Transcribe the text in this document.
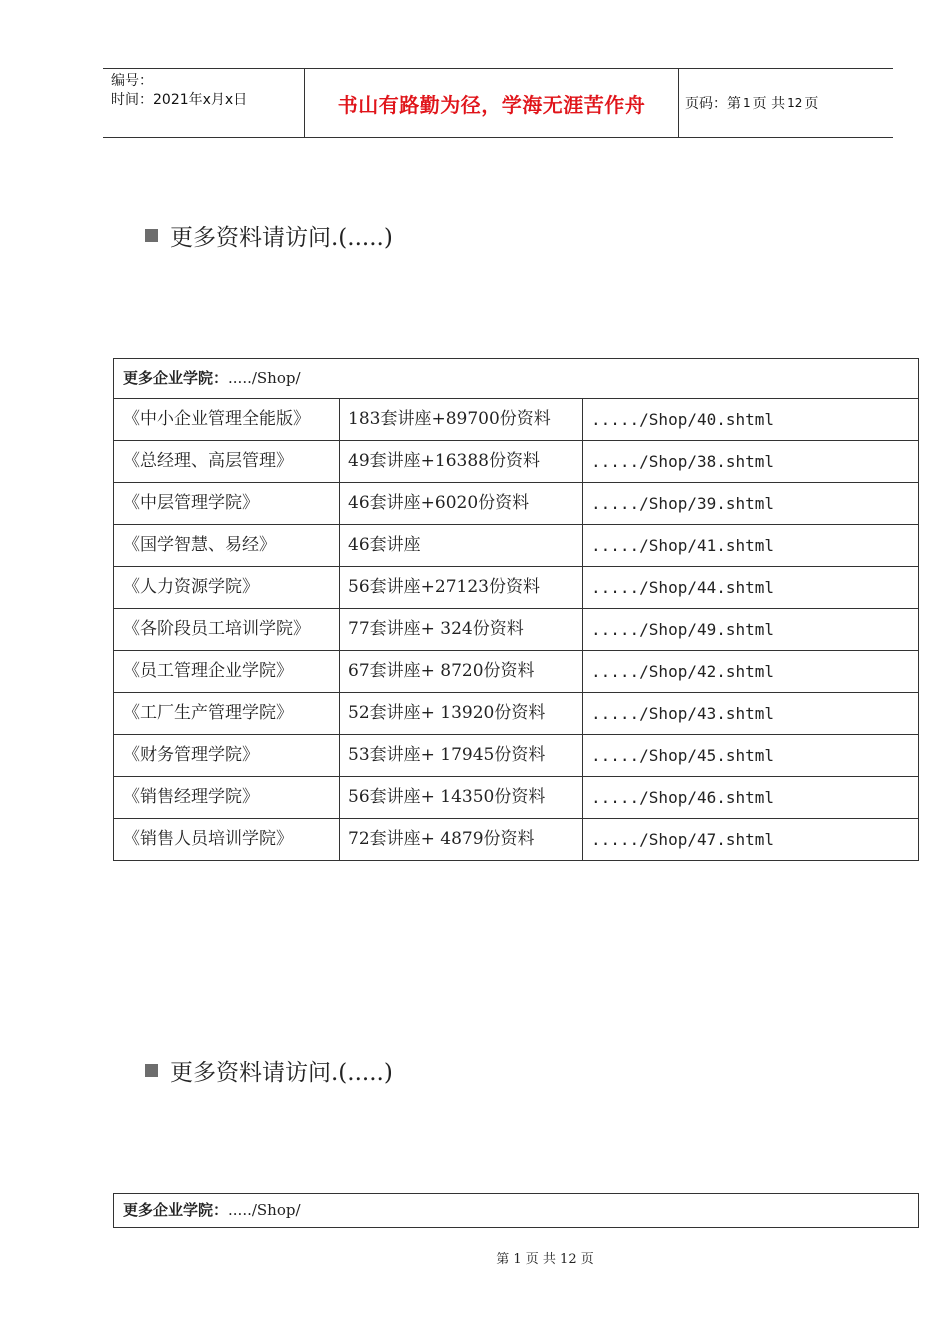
编号：
时间：2021年x月x日	书山有路勤为径，学海无涯苦作舟	页码：第 1 页 共 12 页
更多资料请访问.(.....)
更多企业学院：...../Shop/		
《中小企业管理全能版》	183套讲座+89700份资料	...../Shop/40.shtml
《总经理、高层管理》	49套讲座+16388份资料	...../Shop/38.shtml
《中层管理学院》	46套讲座+6020份资料	...../Shop/39.shtml
《国学智慧、易经》	46套讲座	...../Shop/41.shtml
《人力资源学院》	56套讲座+27123份资料	...../Shop/44.shtml
《各阶段员工培训学院》	77套讲座+ 324份资料	...../Shop/49.shtml
《员工管理企业学院》	67套讲座+ 8720份资料	...../Shop/42.shtml
《工厂生产管理学院》	52套讲座+ 13920份资料	...../Shop/43.shtml
《财务管理学院》	53套讲座+ 17945份资料	...../Shop/45.shtml
《销售经理学院》	56套讲座+ 14350份资料	...../Shop/46.shtml
《销售人员培训学院》	72套讲座+ 4879份资料	...../Shop/47.shtml
更多资料请访问.(.....)
更多企业学院：...../Shop/
第 1 页 共 12 页
